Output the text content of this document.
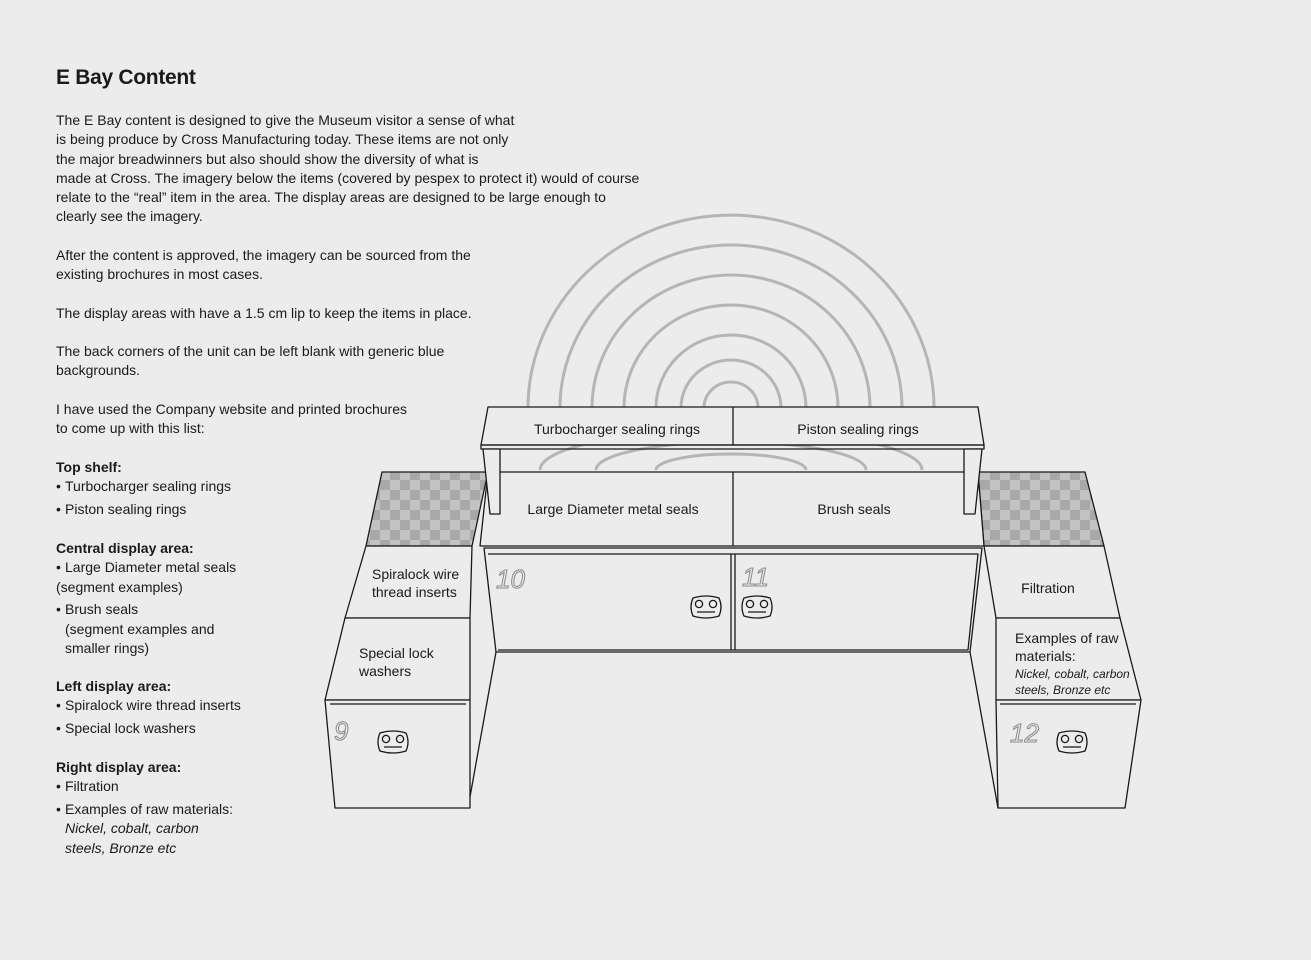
9
10	11
12
Turbocharger sealing rings	Piston sealing rings
Large Diameter metal seals	Brush seals
Spiralock wire
thread inserts
Special lock
washers
Filtration
Examples of raw
materials:
Nickel, cobalt, carbon
steels, Bronze etc
E Bay Content

The E Bay content is designed to give the Museum visitor a sense of what
is being produce by Cross Manufacturing today. These items are not only
the major breadwinners but also should show the diversity of what is
made at Cross. The imagery below the items (covered by pespex to protect it) would of course
relate to the “real” item in the area. The display areas are designed to be large enough to
clearly see the imagery.

After the content is approved, the imagery can be sourced from the
existing brochures in most cases.

The display areas with have a 1.5 cm lip to keep the items in place.

The back corners of the unit can be left blank with generic blue
backgrounds.

I have used the Company website and printed brochures
to come up with this list:

Top shelf:
• Turbocharger sealing rings
• Piston sealing rings
Central display area:
• Large Diameter metal seals
(segment examples)
• Brush seals
(segment examples and
smaller rings)
Left display area:
• Spiralock wire thread inserts
• Special lock washers
Right display area:
• Filtration
• Examples of raw materials:
Nickel, cobalt, carbon
steels, Bronze etc
